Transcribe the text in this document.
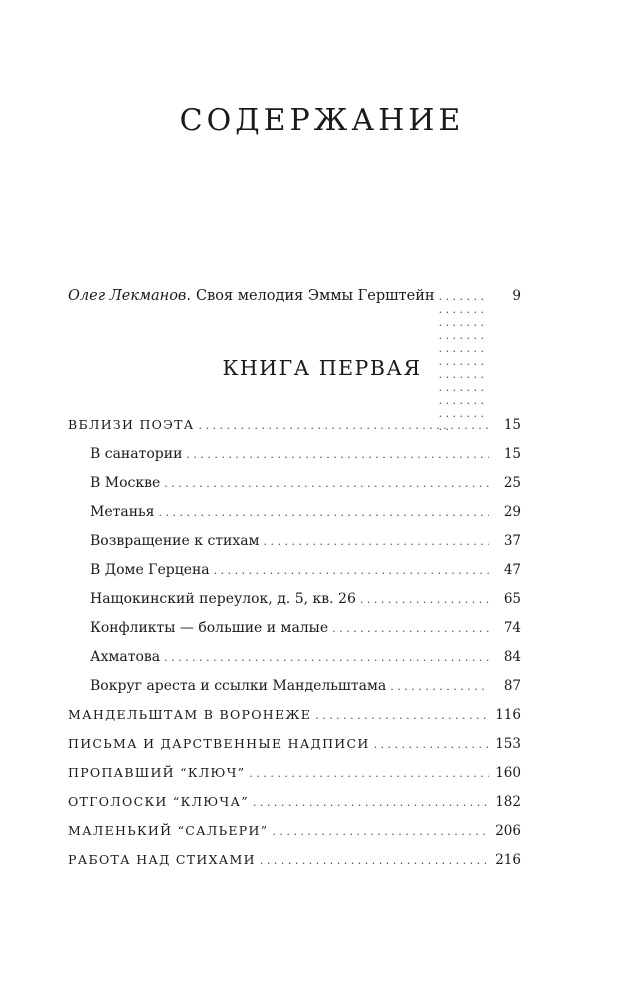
СОДЕРЖАНИЕ
Олег Лекманов. Своя мелодия Эммы Герштейн . . .	9
КНИГА ПЕРВАЯ
ВБЛИЗИ ПОЭТА . . .	15
В санатории . . .	15
В Москве . . .	25
Метанья . . .	29
Возвращение к стихам . . .	37
В Доме Герцена . . .	47
Нащокинский переулок, д. 5, кв. 26 . . .	65
Конфликты — большие и малые . . .	74
Ахматова . . .	84
Вокруг ареста и ссылки Мандельштама . . .	87
МАНДЕЛЬШТАМ В ВОРОНЕЖЕ . . .	116
ПИСЬМА И ДАРСТВЕННЫЕ НАДПИСИ . . .	153
ПРОПАВШИЙ “КЛЮЧ” . . .	160
ОТГОЛОСКИ “КЛЮЧА” . . .	182
МАЛЕНЬКИЙ “САЛЬЕРИ” . . .	206
РАБОТА НАД СТИХАМИ . . .	216
